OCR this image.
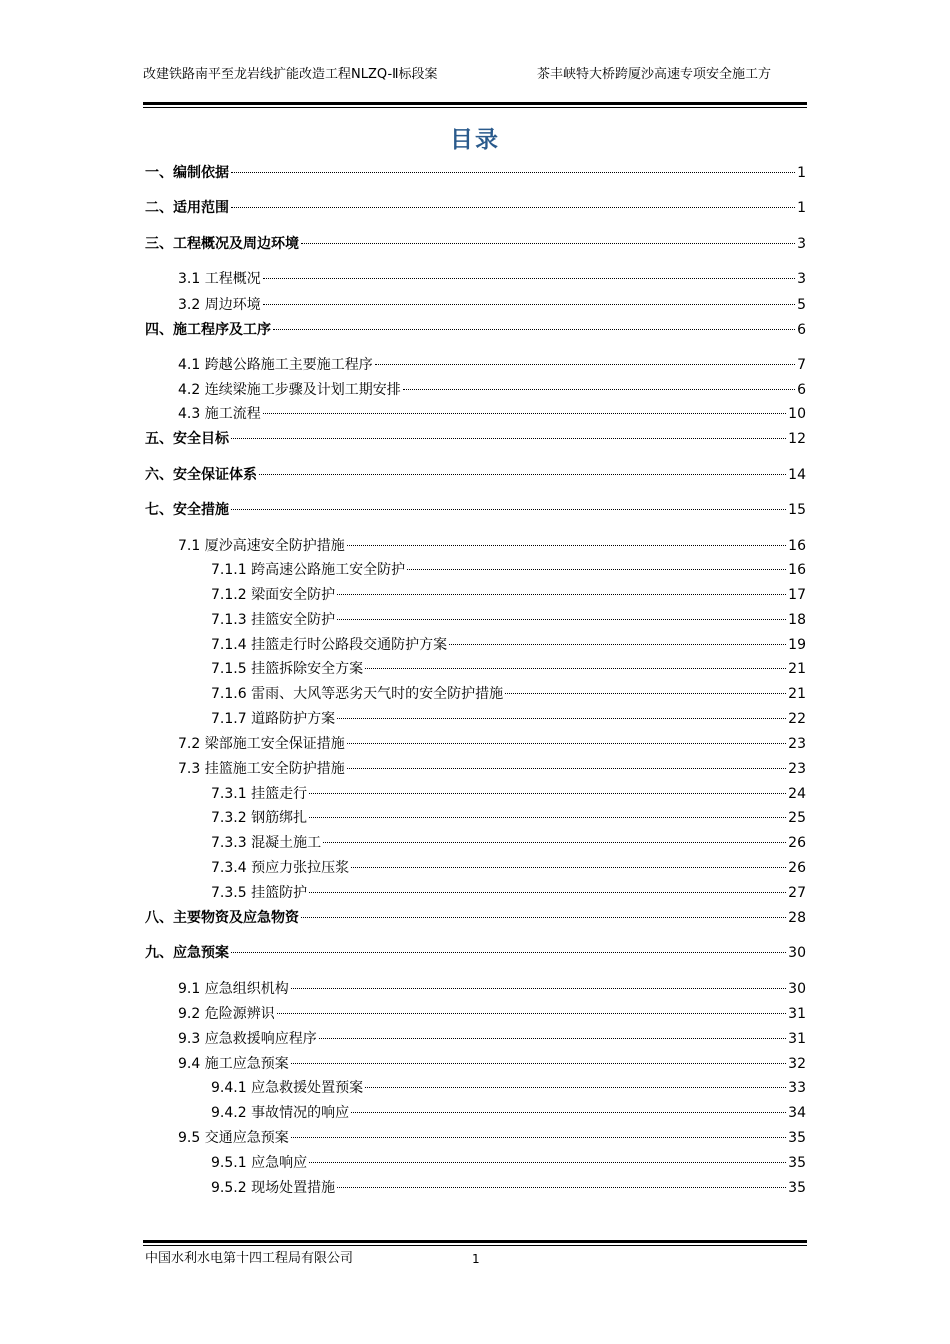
改建铁路南平至龙岩线扩能改造工程NLZQ-Ⅱ标段案	茶丰峡特大桥跨厦沙高速专项安全施工方
目录
一、编制依据	1
二、适用范围	1
三、工程概况及周边环境	3
3.1 工程概况	3
3.2 周边环境	5
四、施工程序及工序	6
4.1 跨越公路施工主要施工程序	7
4.2 连续梁施工步骤及计划工期安排	6
4.3 施工流程	10
五、安全目标	12
六、安全保证体系	14
七、安全措施	15
7.1 厦沙高速安全防护措施	16
7.1.1 跨高速公路施工安全防护	16
7.1.2 梁面安全防护	17
7.1.3 挂篮安全防护	18
7.1.4 挂篮走行时公路段交通防护方案	19
7.1.5 挂篮拆除安全方案	21
7.1.6 雷雨、大风等恶劣天气时的安全防护措施	21
7.1.7 道路防护方案	22
7.2 梁部施工安全保证措施	23
7.3 挂篮施工安全防护措施	23
7.3.1 挂篮走行	24
7.3.2 钢筋绑扎	25
7.3.3 混凝土施工	26
7.3.4 预应力张拉压浆	26
7.3.5 挂篮防护	27
八、主要物资及应急物资	28
九、应急预案	30
9.1 应急组织机构	30
9.2 危险源辨识	31
9.3 应急救援响应程序	31
9.4 施工应急预案	32
9.4.1 应急救援处置预案	33
9.4.2 事故情况的响应	34
9.5 交通应急预案	35
9.5.1 应急响应	35
9.5.2 现场处置措施	35
中国水利水电第十四工程局有限公司	1
